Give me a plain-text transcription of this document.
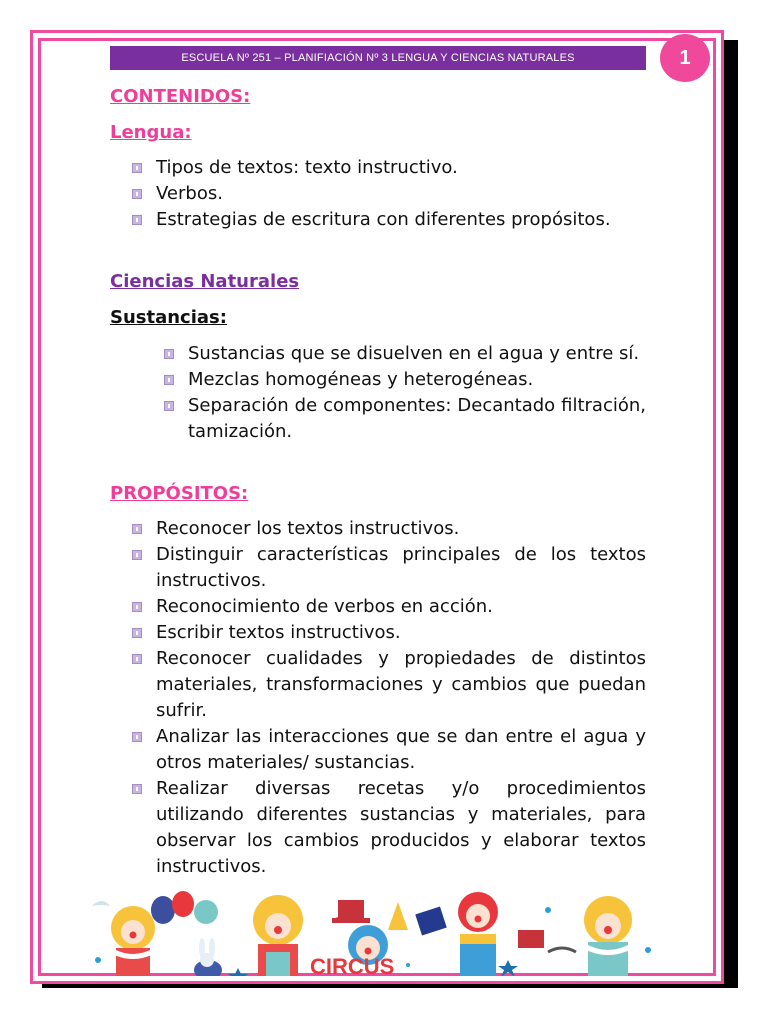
ESCUELA Nº 251 – PLANIFIACIÓN Nº 3 LENGUA Y CIENCIAS NATURALES	1
CONTENIDOS:
Lengua:
Tipos de textos: texto instructivo.
Verbos.
Estrategias de escritura con diferentes propósitos.
Ciencias Naturales
Sustancias:
Sustancias que se disuelven en el agua y entre sí.
Mezclas homogéneas y heterogéneas.
Separación de componentes: Decantado filtración, tamización.
PROPÓSITOS:
Reconocer los textos instructivos.
Distinguir características principales de los textos instructivos.
Reconocimiento de verbos en acción.
Escribir textos instructivos.
Reconocer cualidades y propiedades de distintos materiales, transformaciones y cambios que puedan sufrir.
Analizar las interacciones que se dan entre el agua y otros materiales/ sustancias.
Realizar diversas recetas y/o procedimientos utilizando diferentes sustancias y materiales, para observar los cambios producidos y elaborar textos instructivos.
CIRCUS
